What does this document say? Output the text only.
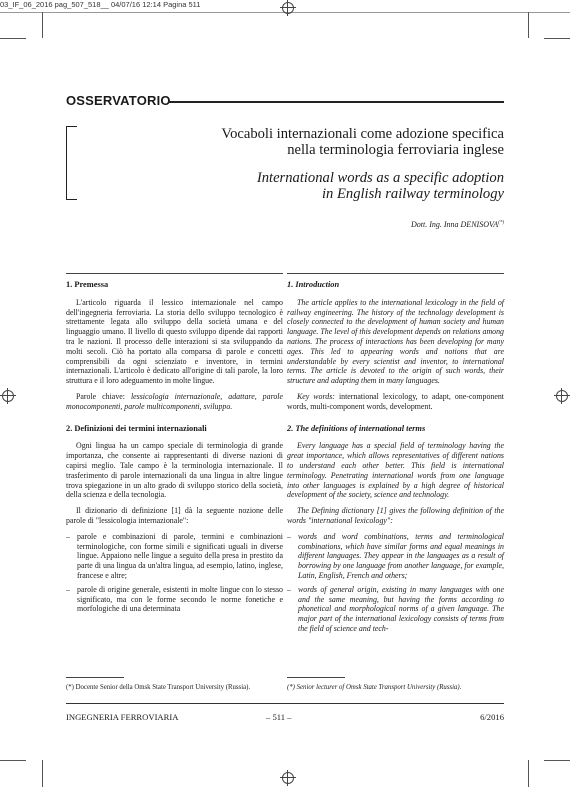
03_IF_06_2016 pag_507_518__ 04/07/16 12:14 Pagina 511
OSSERVATORIO
Vocaboli internazionali come adozione specifica
nella terminologia ferroviaria inglese
International words as a specific adoption
in English railway terminology
Dott. Ing. Inna DENISOVA(*)
1. Premessa

L'articolo riguarda il lessico internazionale nel campo dell'ingegneria ferroviaria. La storia dello sviluppo tecnologico è strettamente legata allo sviluppo della società umana e del linguaggio umano. Il livello di questo sviluppo dipende dai rapporti tra le nazioni. Il processo delle interazioni si sta sviluppando da molti secoli. Ciò ha portato alla comparsa di parole e concetti comprensibili da ogni scienziato e inventore, in termini internazionali. L'articolo è dedicato all'origine di tali parole, la loro struttura e il loro adeguamento in molte lingue.

Parole chiave: lessicologia internazionale, adattare, parole monocomponenti, parole multicomponenti, sviluppo.

2. Definizioni dei termini internazionali

Ogni lingua ha un campo speciale di terminologia di grande importanza, che consente ai rappresentanti di diverse nazioni di capirsi meglio. Tale campo è la terminologia internazionale. Il trasferimento di parole internazionali da una lingua in altre lingue trova spiegazione in un alto grado di sviluppo storico della società, della scienza e della tecnologia.

Il dizionario di definizione [1] dà la seguente nozione delle parole di "lessicologia internazionale":

– parole e combinazioni di parole, termini e combinazioni terminologiche, con forme simili e significati uguali in diverse lingue. Appaiono nelle lingue a seguito della presa in prestito da parte di una lingua da un'altra lingua, ad esempio, latino, inglese, francese e altre;
– parole di origine generale, esistenti in molte lingue con lo stesso significato, ma con le forme secondo le norme fonetiche e morfologiche di una determinata
1. Introduction

The article applies to the international lexicology in the field of railway engineering. The history of the technology development is closely connected to the development of human society and human language. The level of this development depends on relations among nations. The process of interactions has been developing for many ages. This led to appearing words and notions that are understandable by every scientist and inventor, to international terms. The article is devoted to the origin of such words, their structure and adapting them in many languages.

Key words: international lexicology, to adapt, one-component words, multi-component words, development.

2. The definitions of international terms

Every language has a special field of terminology having the great importance, which allows representatives of different nations to understand each other better. This field is international terminology. Penetrating international words from one language into other languages is explained by a high degree of historical development of the society, science and technology.

The Defining dictionary [1] gives the following definition of the words "international lexicology":

– words and word combinations, terms and terminological combinations, which have similar forms and equal meanings in different languages. They appear in the languages as a result of borrowing by one language from another language, for example, Latin, English, French and others;
– words of general origin, existing in many languages with one and the same meaning, but having the forms according to phonetical and morphological norms of a given language. The major part of the international lexicology consists of terms from the field of science and tech-
(*) Docente Senior della Omsk State Transport University (Russia).	(*) Senior lecturer of Omsk State Transport University (Russia).
INGEGNERIA FERROVIARIA	– 511 –	6/2016
